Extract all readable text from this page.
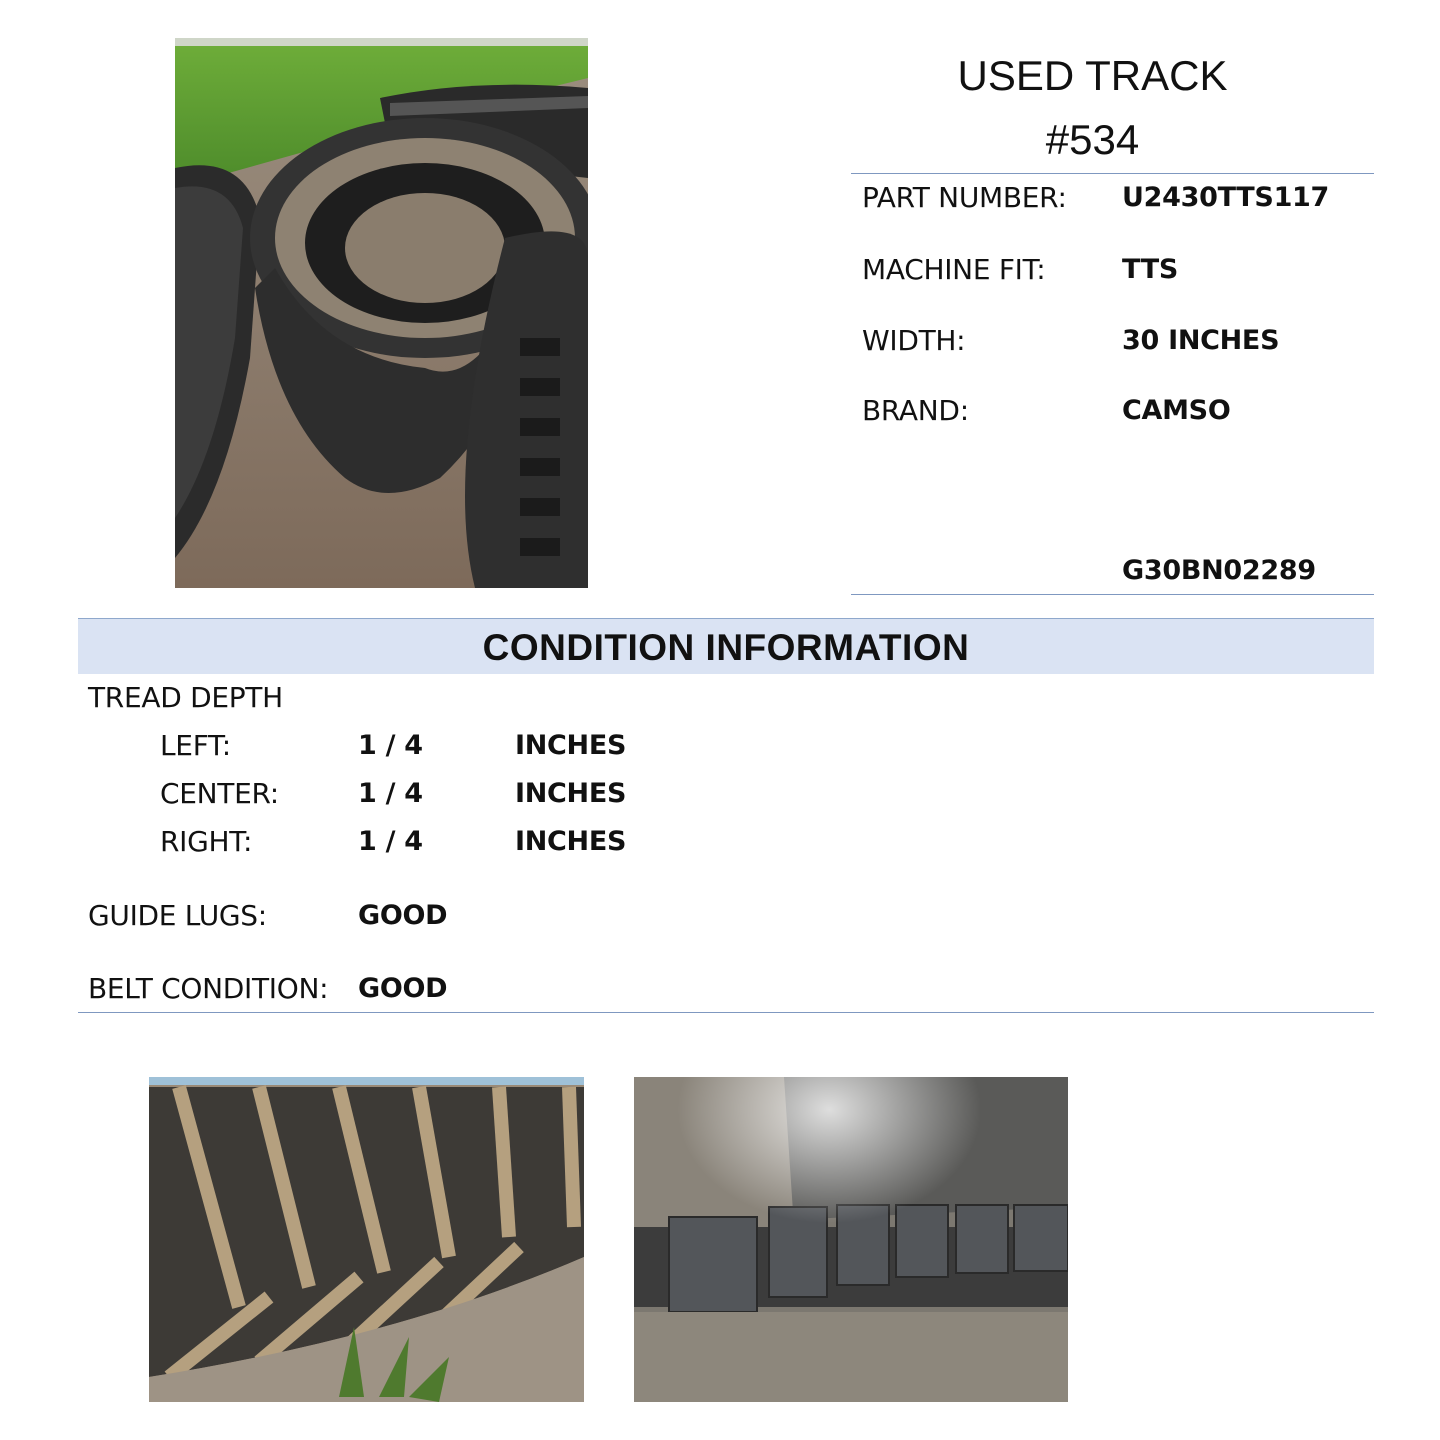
USED TRACK
#534
PART NUMBER: U2430TTS117
MACHINE FIT:	TTS
WIDTH:	30 INCHES
BRAND:	CAMSO
G30BN02289
CONDITION INFORMATION
TREAD DEPTH
LEFT:	1 / 4	INCHES
CENTER:	1 / 4	INCHES
RIGHT:	1 / 4	INCHES
GUIDE LUGS:	GOOD
BELT CONDITION: GOOD
